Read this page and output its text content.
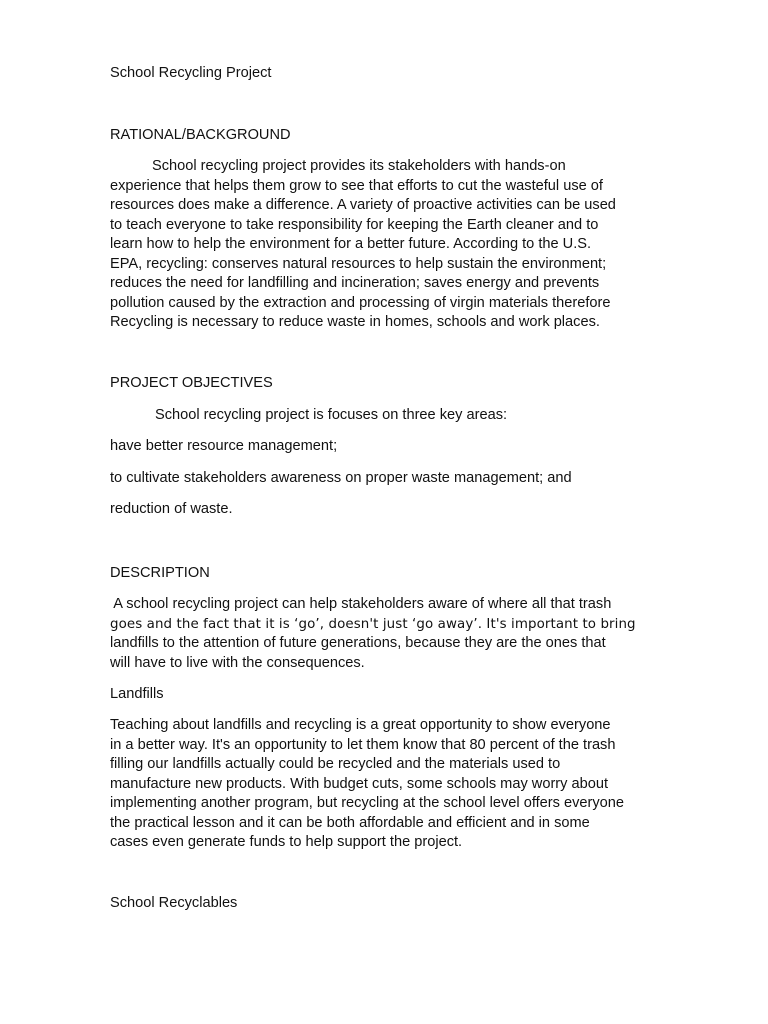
School Recycling Project
RATIONAL/BACKGROUND
School recycling project provides its stakeholders with hands-on
experience that helps them grow to see that efforts to cut the wasteful use of
resources does make a difference. A variety of proactive activities can be used
to teach everyone to take responsibility for keeping the Earth cleaner and to
learn how to help the environment for a better future. According to the U.S.
EPA, recycling: conserves natural resources to help sustain the environment;
reduces the need for landfilling and incineration; saves energy and prevents
pollution caused by the extraction and processing of virgin materials therefore
Recycling is necessary to reduce waste in homes, schools and work places.
PROJECT OBJECTIVES
School recycling project is focuses on three key areas:
have better resource management;
to cultivate stakeholders awareness on proper waste management; and
reduction of waste.
DESCRIPTION
A school recycling project can help stakeholders aware of where all that trash
goes and the fact that it is ‘go’, doesn't just ‘go away’. It's important to bring
landfills to the attention of future generations, because they are the ones that
will have to live with the consequences.
Landfills
Teaching about landfills and recycling is a great opportunity to show everyone
in a better way. It's an opportunity to let them know that 80 percent of the trash
filling our landfills actually could be recycled and the materials used to
manufacture new products. With budget cuts, some schools may worry about
implementing another program, but recycling at the school level offers everyone
the practical lesson and it can be both affordable and efficient and in some
cases even generate funds to help support the project.
School Recyclables
